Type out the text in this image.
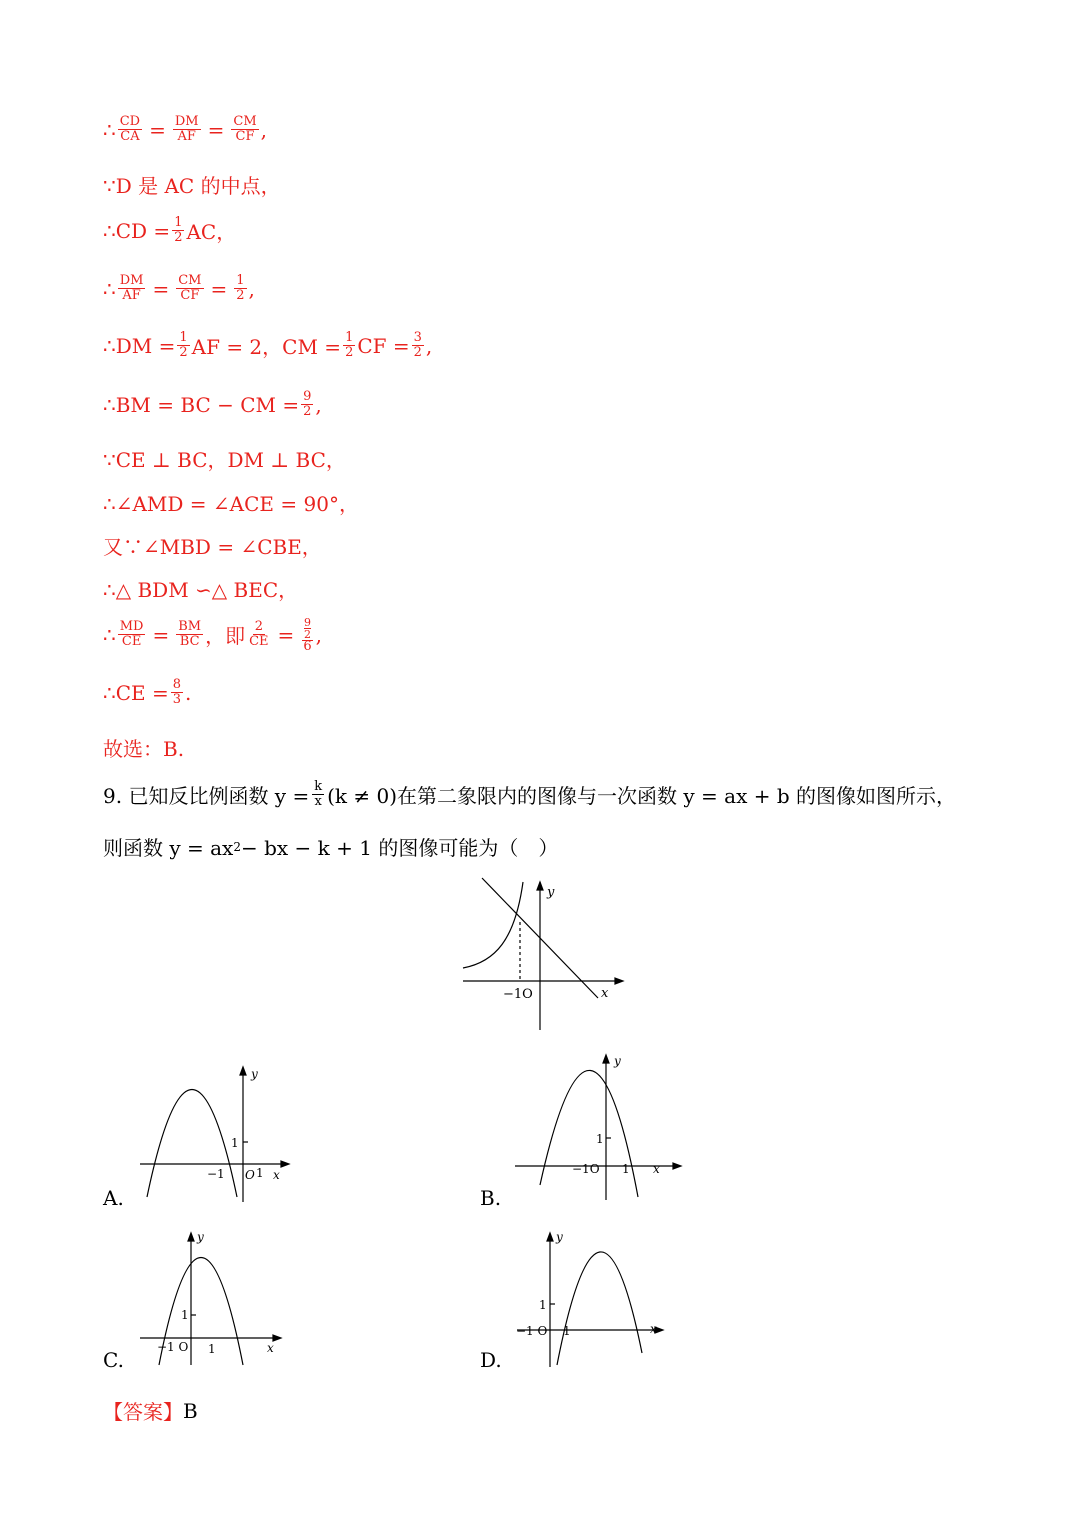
∴ $\frac{CD}{CA} = \frac{DM}{AF} = \frac{CM}{CF}$ ,
∵D 是 AC 的中点，
∴CD = $\frac{1}{2}$ AC，
∴ $\frac{DM}{AF} = \frac{CM}{CF} = \frac{1}{2}$ ,
∴DM = $\frac{1}{2}$ AF = 2，CM = $\frac{1}{2}$ CF = $\frac{3}{2}$ ,
∴BM = BC − CM = $\frac{9}{2}$ ,
∵CE ⊥ BC，DM ⊥ BC，
∴∠AMD = ∠ACE = 90°，
又∵∠MBD = ∠CBE，
∴△ BDM ∽△ BEC，
∴ $\frac{MD}{CE} = \frac{BM}{BC}$ ，即 $\frac{2}{CE} = 9$
2
6 ,
∴CE = $\frac{8}{3}$ .
故选：B.
9. 已知反比例函数 $y = \frac{k}{x} (k \ne 0)$在第二象限内的图像与一次函数 y = ax + b 的图像如图所示，
则函数 y = ax 2 − bx − k + 1 的图像可能为（　）
y
x
−1O
y
1
−1 O 1 x
A.
y
1
−1O 1 x
B.
y
1
−1 O 1	x
C.
y
1
−1 O 1	x
D.
【答案】 B
